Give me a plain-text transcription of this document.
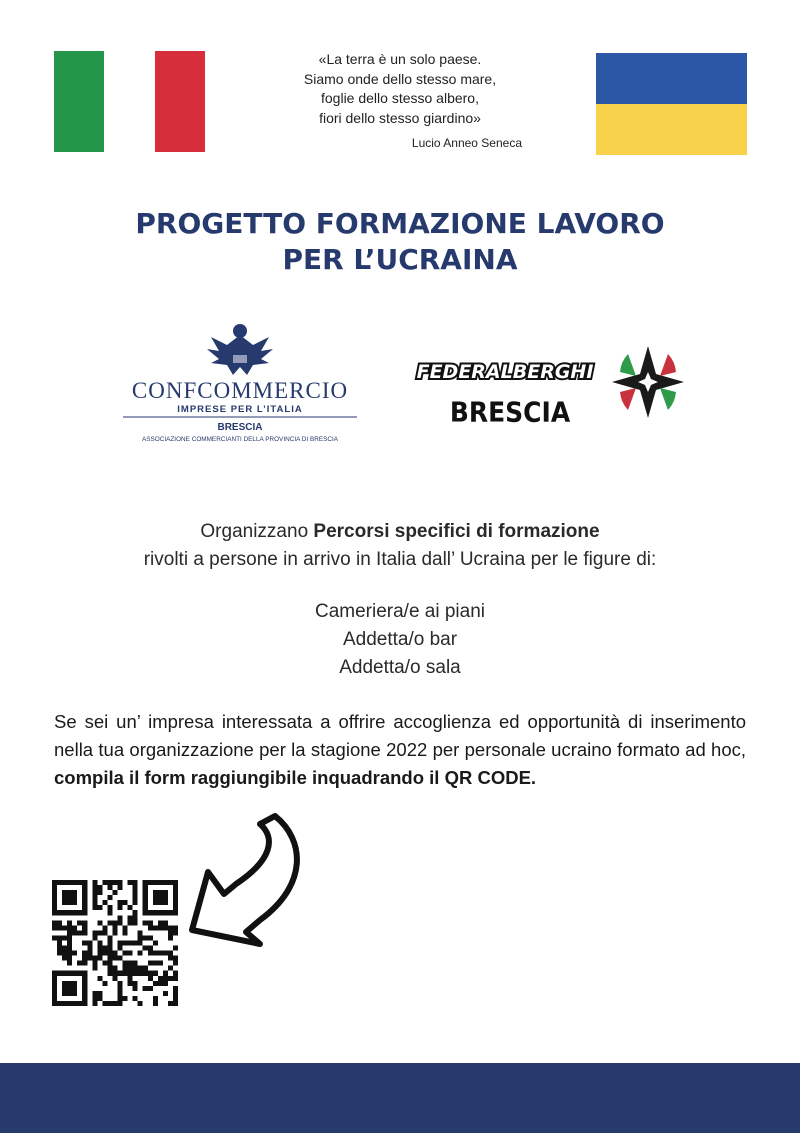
«La terra è un solo paese.
Siamo onde dello stesso mare,
foglie dello stesso albero,
fiori dello stesso giardino»
Lucio Anneo Seneca
PROGETTO FORMAZIONE LAVORO
PER L’UCRAINA
CONFCOMMERCIO
IMPRESE PER L’ITALIA
BRESCIA
ASSOCIAZIONE COMMERCIANTI DELLA PROVINCIA DI BRESCIA
FEDERALBERGHI
BRESCIA
Organizzano Percorsi specifici di formazione
rivolti a persone in arrivo in Italia dall’ Ucraina per le figure di:
Cameriera/e ai piani
Addetta/o bar
Addetta/o sala
Se sei un’ impresa interessata a offrire accoglienza ed opportunità di inserimento nella tua organizzazione per la stagione 2022 per personale ucraino formato ad hoc, compila il form raggiungibile inquadrando il QR CODE.
